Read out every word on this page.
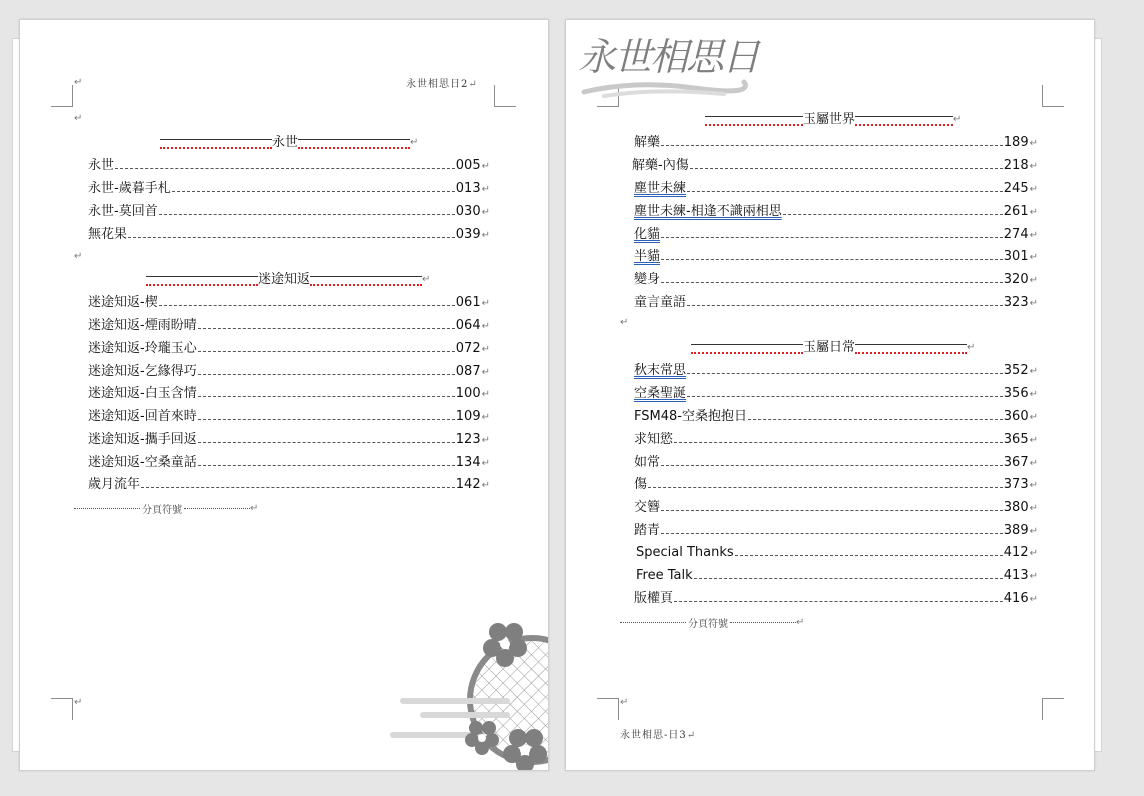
↵
↵
↵
↵
永世相思日2↵
永世	↵
永世	005 ↵
永世-歲暮手札	013 ↵
永世-莫回首	030 ↵
無花果	039 ↵
迷途知返	↵
迷途知返-楔	061 ↵
迷途知返-煙雨盼晴	064 ↵
迷途知返-玲瓏玉心	072 ↵
迷途知返-乞緣得巧	087 ↵
迷途知返-白玉含情	100 ↵
迷途知返-回首來時	109 ↵
迷途知返-攜手回返	123 ↵
迷途知返-空桑童話	134 ↵
歲月流年	142 ↵
分頁符號	↵
永世相思日
↵
↵
玉屬世界	↵
解藥	189 ↵
解藥-內傷	218 ↵
塵世未練	245 ↵
塵世未練-相逢不識兩相思	261 ↵
化貓	274 ↵
半貓	301 ↵
變身	320 ↵
童言童語	323 ↵
玉屬日常	↵
秋末常思	352 ↵
空桑聖誕	356 ↵
FSM48-空桑抱抱日	360 ↵
求知慾	365 ↵
如常	367 ↵
傷	373 ↵
交簪	380 ↵
踏青	389 ↵
Special Thanks	412 ↵
Free Talk	413 ↵
版權頁	416 ↵
分頁符號	↵
永世相思-日3↵
